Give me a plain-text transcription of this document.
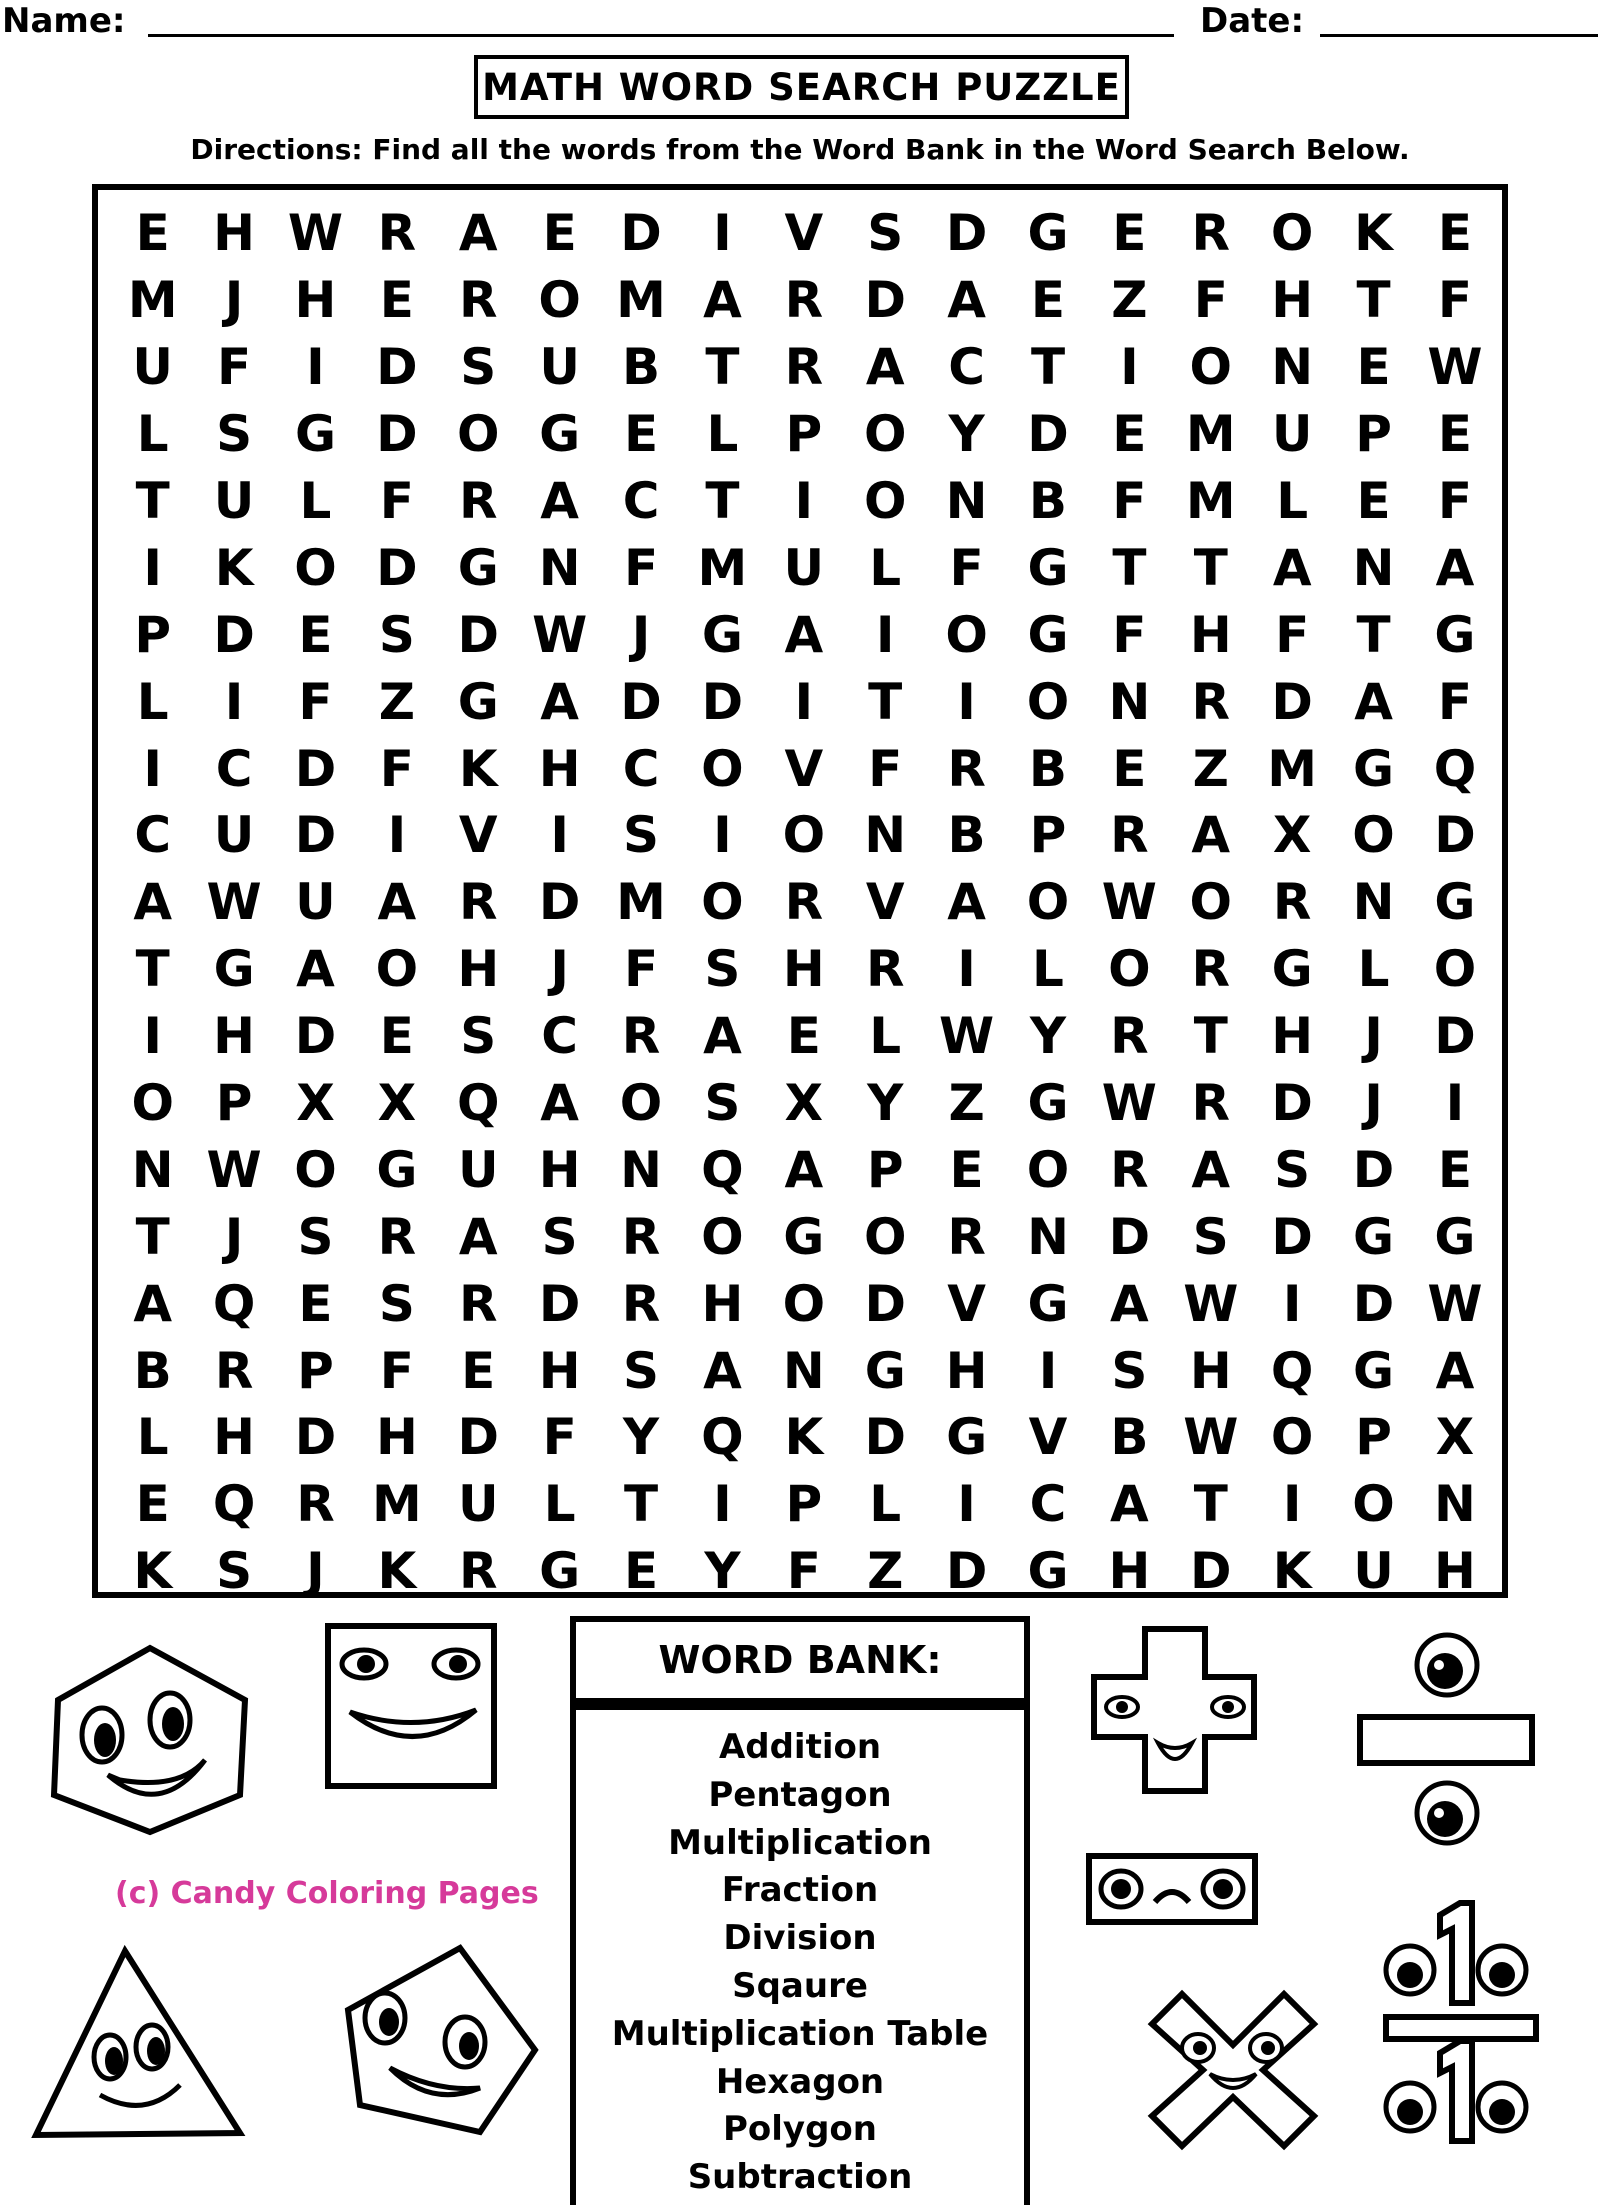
Name:	Date:
MATH WORD SEARCH PUZZLE
Directions: Find all the words from the Word Bank in the Word Search Below.
E H W R A E D	I	V S D G E R O K E
M J	H E R O M A R D A E Z F H T F
U F	I	D S U B T R A C T	I	O N E W
L S G D O G E L P O Y D E M U P E
T U L F R A C T	I	O N B F M L E F
I	K O D G N F M U L F G T T A N A
P D E S D W J	G A	I	O G F H F T G
L	I	F Z G A D D	I	T	I	O N R D A F
I	C D F K H C O V F R B E Z M G Q
C U D	I	V	I	S	I	O N B P R A X O D
A W U A R D M O R V A O W O R N G
T G A O H	J	F S H R	I	L O R G L O
I	H D E S C R A E L W Y R T H	J	D
O P X X Q A O S X Y Z G W R D	J	I
N W O G U H N Q A P E O R A S D E
T	J	S R A S R O G O R N D S D G G
A Q E S R D R H O D V G A W I	D W
B R P F E H S A N G H	I	S H Q G A
L H D H D F Y Q K D G V B W O P X
E Q R M U L T	I	P L	I	C A T	I	O N
K S	J	K R G E Y F Z D G H D K U H
WORD BANK:
Addition
Pentagon
Multiplication
Fraction
Division
Sqaure
Multiplication Table
Hexagon
Polygon
Subtraction
(c) Candy Coloring Pages
